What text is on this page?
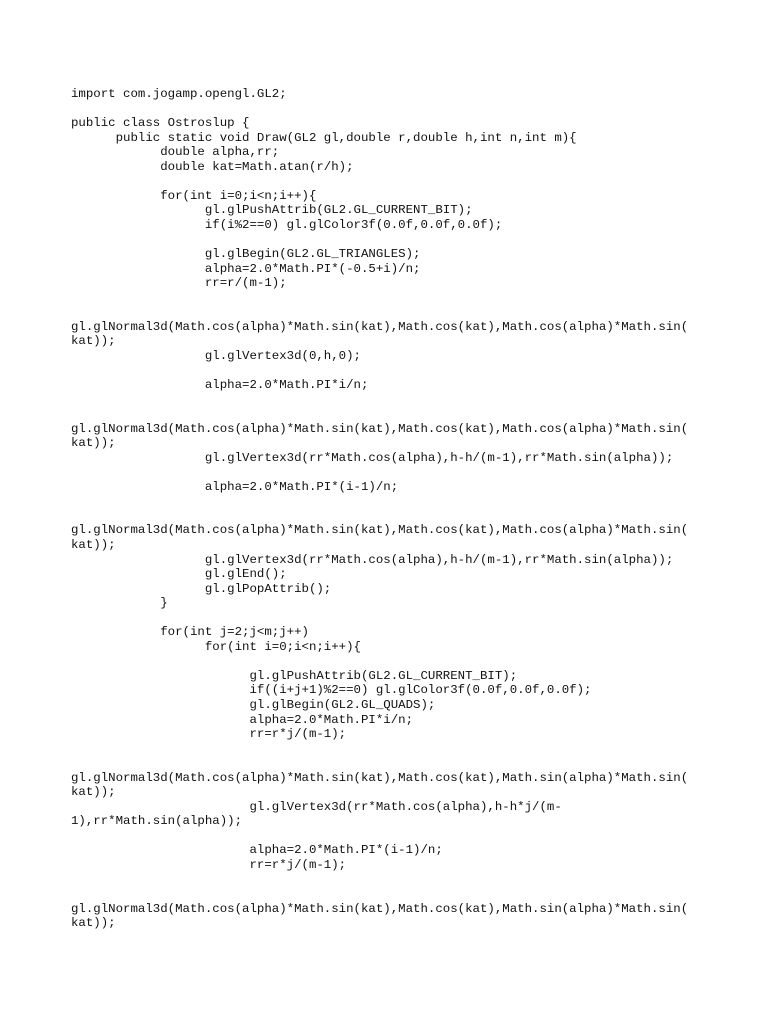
import com.jogamp.opengl.GL2;
public class Ostroslup {
public static void Draw(GL2 gl,double r,double h,int n,int m){
double alpha,rr;
double kat=Math.atan(r/h);
for(int i=0;i<n;i++){
gl.glPushAttrib(GL2.GL_CURRENT_BIT);
if(i%2==0) gl.glColor3f(0.0f,0.0f,0.0f);
gl.glBegin(GL2.GL_TRIANGLES);
alpha=2.0*Math.PI*(-0.5+i)/n;
rr=r/(m-1);
gl.glNormal3d(Math.cos(alpha)*Math.sin(kat),Math.cos(kat),Math.cos(alpha)*Math.sin(
kat));
gl.glVertex3d(0,h,0);
alpha=2.0*Math.PI*i/n;
gl.glNormal3d(Math.cos(alpha)*Math.sin(kat),Math.cos(kat),Math.cos(alpha)*Math.sin(
kat));
gl.glVertex3d(rr*Math.cos(alpha),h-h/(m-1),rr*Math.sin(alpha));
alpha=2.0*Math.PI*(i-1)/n;
gl.glNormal3d(Math.cos(alpha)*Math.sin(kat),Math.cos(kat),Math.cos(alpha)*Math.sin(
kat));
gl.glVertex3d(rr*Math.cos(alpha),h-h/(m-1),rr*Math.sin(alpha));
gl.glEnd();
gl.glPopAttrib();
}
for(int j=2;j<m;j++)
for(int i=0;i<n;i++){
gl.glPushAttrib(GL2.GL_CURRENT_BIT);
if((i+j+1)%2==0) gl.glColor3f(0.0f,0.0f,0.0f);
gl.glBegin(GL2.GL_QUADS);
alpha=2.0*Math.PI*i/n;
rr=r*j/(m-1);
gl.glNormal3d(Math.cos(alpha)*Math.sin(kat),Math.cos(kat),Math.sin(alpha)*Math.sin(
kat));
gl.glVertex3d(rr*Math.cos(alpha),h-h*j/(m-
1),rr*Math.sin(alpha));
alpha=2.0*Math.PI*(i-1)/n;
rr=r*j/(m-1);
gl.glNormal3d(Math.cos(alpha)*Math.sin(kat),Math.cos(kat),Math.sin(alpha)*Math.sin(
kat));
